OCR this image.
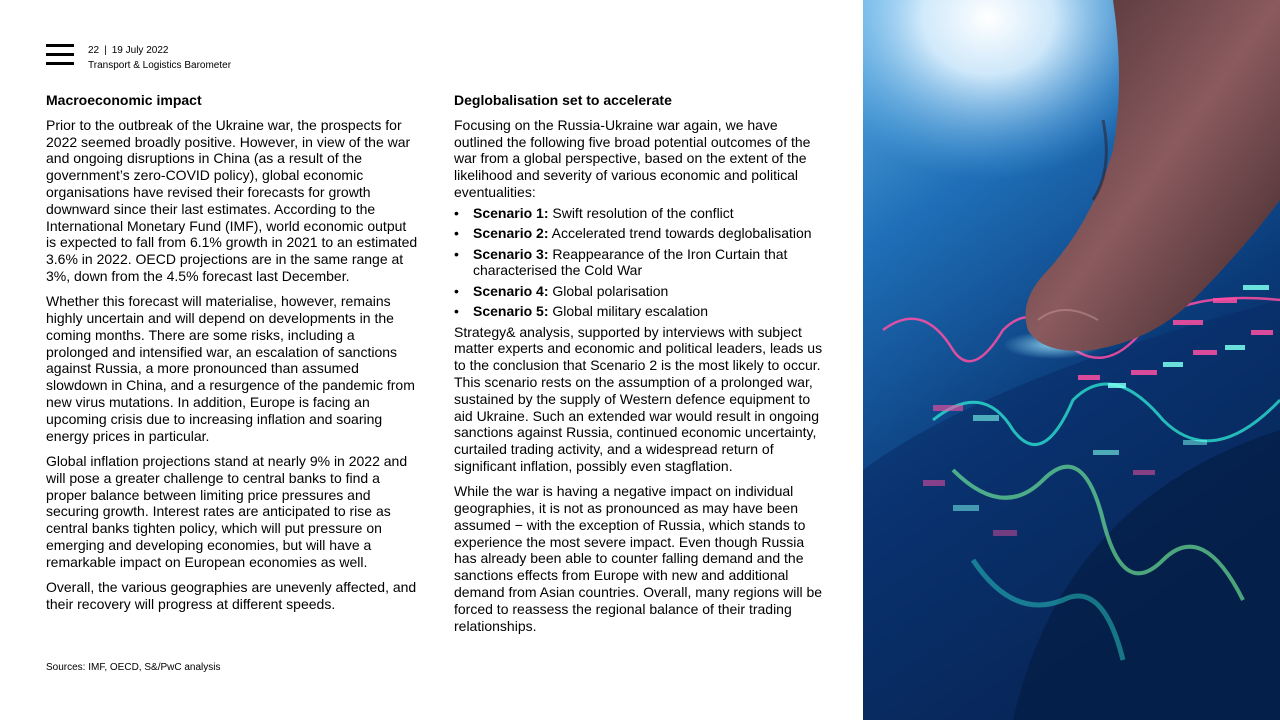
22 | 19 July 2022
Transport & Logistics Barometer
Macroeconomic impact

Prior to the outbreak of the Ukraine war, the prospects for 2022 seemed broadly positive. However, in view of the war and ongoing disruptions in China (as a result of the government’s zero-COVID policy), global economic organisations have revised their forecasts for growth downward since their last estimates. According to the International Monetary Fund (IMF), world economic output is expected to fall from 6.1% growth in 2021 to an estimated 3.6% in 2022. OECD projections are in the same range at 3%, down from the 4.5% forecast last December.

Whether this forecast will materialise, however, remains highly uncertain and will depend on developments in the coming months. There are some risks, including a prolonged and intensified war, an escalation of sanctions against Russia, a more pronounced than assumed slowdown in China, and a resurgence of the pandemic from new virus mutations. In addition, Europe is facing an upcoming crisis due to increasing inflation and soaring energy prices in particular.

Global inflation projections stand at nearly 9% in 2022 and will pose a greater challenge to central banks to find a proper balance between limiting price pressures and securing growth. Interest rates are anticipated to rise as central banks tighten policy, which will put pressure on emerging and developing economies, but will have a remarkable impact on European economies as well.

Overall, the various geographies are unevenly affected, and their recovery will progress at different speeds.

Deglobalisation set to accelerate

Focusing on the Russia-Ukraine war again, we have outlined the following five broad potential outcomes of the war from a global perspective, based on the extent of the likelihood and severity of various economic and political eventualities:

• Scenario 1: Swift resolution of the conflict
• Scenario 2: Accelerated trend towards deglobalisation
• Scenario 3: Reappearance of the Iron Curtain that characterised the Cold War
• Scenario 4: Global polarisation
• Scenario 5: Global military escalation

Strategy& analysis, supported by interviews with subject matter experts and economic and political leaders, leads us to the conclusion that Scenario 2 is the most likely to occur. This scenario rests on the assumption of a prolonged war, sustained by the supply of Western defence equipment to aid Ukraine. Such an extended war would result in ongoing sanctions against Russia, continued economic uncertainty, curtailed trading activity, and a widespread return of significant inflation, possibly even stagflation.

While the war is having a negative impact on individual geographies, it is not as pronounced as may have been assumed − with the exception of Russia, which stands to experience the most severe impact. Even though Russia has already been able to counter falling demand and the sanctions effects from Europe with new and additional demand from Asian countries. Overall, many regions will be forced to reassess the regional balance of their trading relationships.

Sources: IMF, OECD, S&/PwC analysis
